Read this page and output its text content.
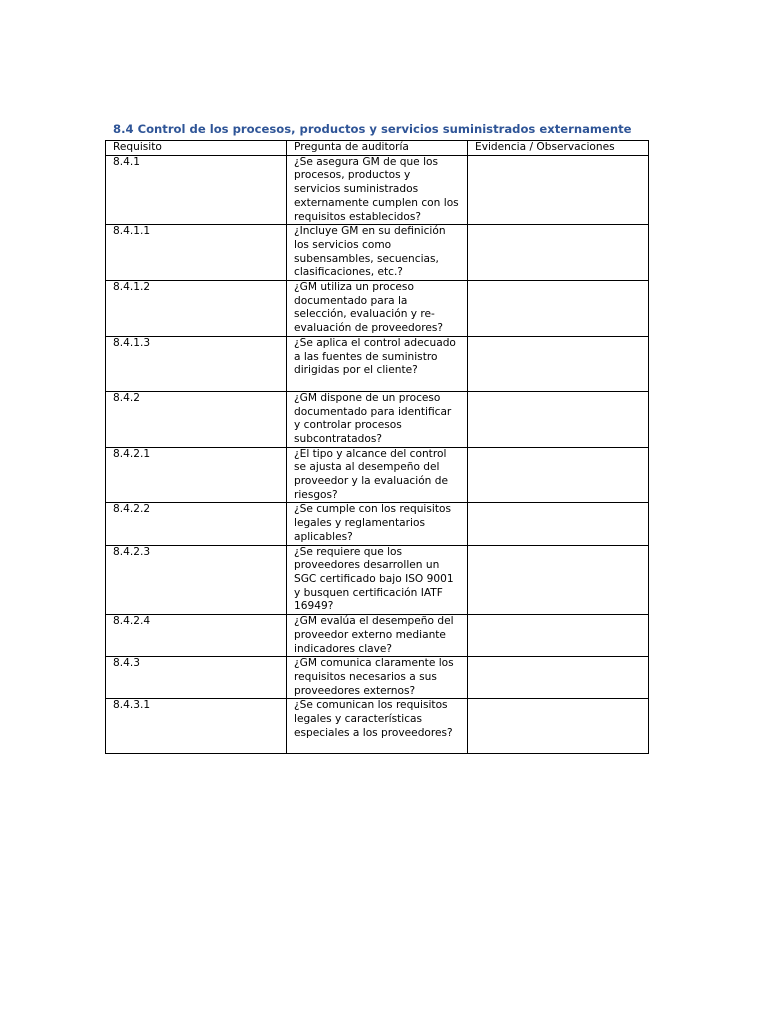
8.4 Control de los procesos, productos y servicios suministrados externamente
Requisito	Pregunta de auditoría	Evidencia / Observaciones
8.4.1	¿Se asegura GM de que los procesos, productos y servicios suministrados externamente cumplen con los requisitos establecidos?	
8.4.1.1	¿Incluye GM en su definición los servicios como subensambles, secuencias, clasificaciones, etc.?	
8.4.1.2	¿GM utiliza un proceso documentado para la selección, evaluación y re-evaluación de proveedores?	
8.4.1.3	¿Se aplica el control adecuado a las fuentes de suministro dirigidas por el cliente?	
8.4.2	¿GM dispone de un proceso documentado para identificar y controlar procesos subcontratados?	
8.4.2.1	¿El tipo y alcance del control se ajusta al desempeño del proveedor y la evaluación de riesgos?	
8.4.2.2	¿Se cumple con los requisitos legales y reglamentarios aplicables?	
8.4.2.3	¿Se requiere que los proveedores desarrollen un SGC certificado bajo ISO 9001 y busquen certificación IATF 16949?	
8.4.2.4	¿GM evalúa el desempeño del proveedor externo mediante indicadores clave?	
8.4.3	¿GM comunica claramente los requisitos necesarios a sus proveedores externos?	
8.4.3.1	¿Se comunican los requisitos legales y características especiales a los proveedores?	
